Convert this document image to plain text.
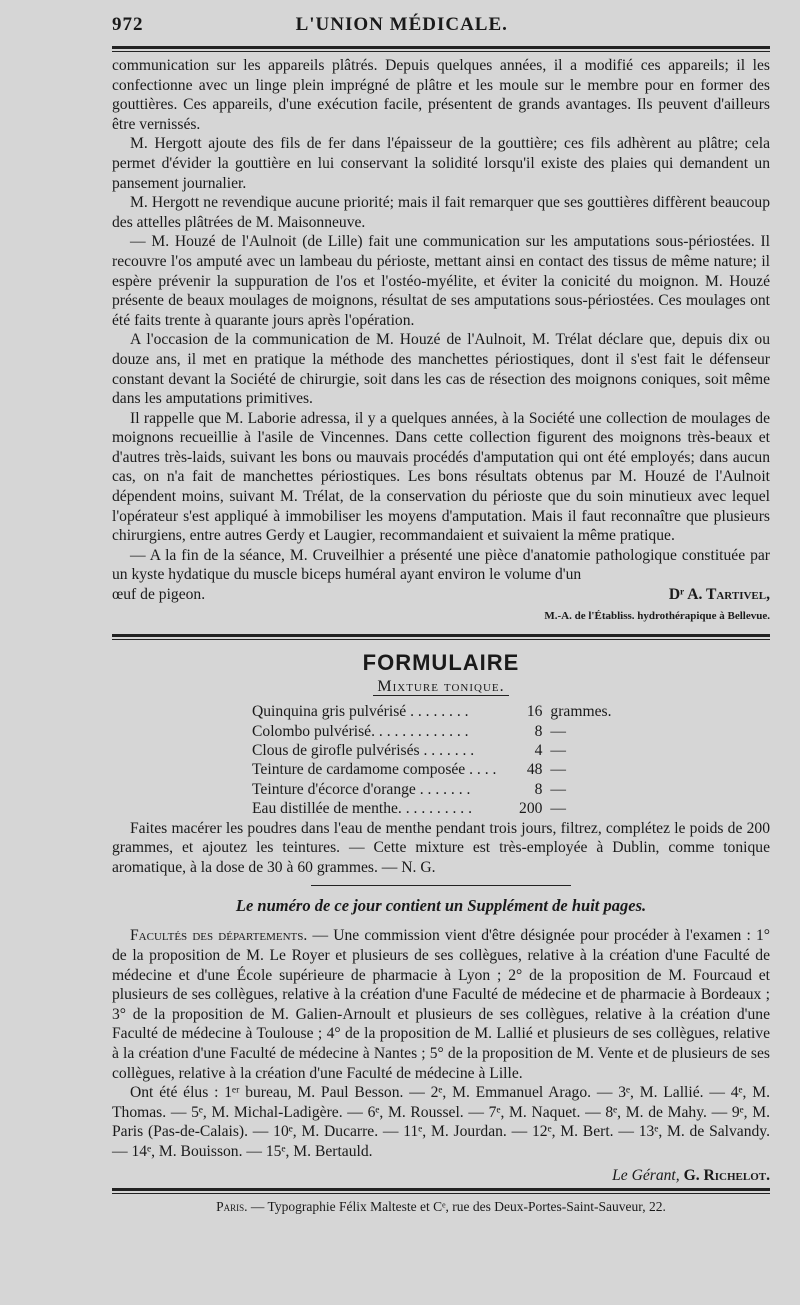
972	L'UNION MÉDICALE.

communication sur les appareils plâtrés. Depuis quelques années, il a modifié ces appareils; il les confectionne avec un linge plein imprégné de plâtre et les moule sur le membre pour en former des gouttières. Ces appareils, d'une exécution facile, présentent de grands avantages. Ils peuvent d'ailleurs être vernissés.

M. Hergott ajoute des fils de fer dans l'épaisseur de la gouttière; ces fils adhèrent au plâtre; cela permet d'évider la gouttière en lui conservant la solidité lorsqu'il existe des plaies qui demandent un pansement journalier.

M. Hergott ne revendique aucune priorité; mais il fait remarquer que ses gouttières diffèrent beaucoup des attelles plâtrées de M. Maisonneuve.

— M. Houzé de l'Aulnoit (de Lille) fait une communication sur les amputations sous-périostées. Il recouvre l'os amputé avec un lambeau du périoste, mettant ainsi en contact des tissus de même nature; il espère prévenir la suppuration de l'os et l'ostéo-myélite, et éviter la conicité du moignon. M. Houzé présente de beaux moulages de moignons, résultat de ses amputations sous-périostées. Ces moulages ont été faits trente à quarante jours après l'opération.

A l'occasion de la communication de M. Houzé de l'Aulnoit, M. Trélat déclare que, depuis dix ou douze ans, il met en pratique la méthode des manchettes périostiques, dont il s'est fait le défenseur constant devant la Société de chirurgie, soit dans les cas de résection des moignons coniques, soit même dans les amputations primitives.

Il rappelle que M. Laborie adressa, il y a quelques années, à la Société une collection de moulages de moignons recueillie à l'asile de Vincennes. Dans cette collection figurent des moignons très-beaux et d'autres très-laids, suivant les bons ou mauvais procédés d'amputation qui ont été employés; dans aucun cas, on n'a fait de manchettes périostiques. Les bons résultats obtenus par M. Houzé de l'Aulnoit dépendent moins, suivant M. Trélat, de la conservation du périoste que du soin minutieux avec lequel l'opérateur s'est appliqué à immobiliser les moyens d'amputation. Mais il faut reconnaître que plusieurs chirurgiens, entre autres Gerdy et Laugier, recommandaient et suivaient la même pratique.

— A la fin de la séance, M. Cruveilhier a présenté une pièce d'anatomie pathologique constituée par un kyste hydatique du muscle biceps huméral ayant environ le volume d'un

œuf de pigeon.	Dʳ A. Tartivel,
M.-A. de l'Établiss. hydrothérapique à Bellevue.
FORMULAIRE
Mixture tonique.
Quinquina gris pulvérisé . . . . . . . .	16	grammes.
Colombo pulvérisé. . . . . . . . . . . . .	8	—
Clous de girofle pulvérisés . . . . . . .	4	—
Teinture de cardamome composée . . . .	48	—
Teinture d'écorce d'orange . . . . . . .	8	—
Eau distillée de menthe. . . . . . . . . .	200	—

Faites macérer les poudres dans l'eau de menthe pendant trois jours, filtrez, complétez le poids de 200 grammes, et ajoutez les teintures. — Cette mixture est très-employée à Dublin, comme tonique aromatique, à la dose de 30 à 60 grammes. — N. G.

Le numéro de ce jour contient un Supplément de huit pages.

Facultés des départements. — Une commission vient d'être désignée pour procéder à l'examen : 1° de la proposition de M. Le Royer et plusieurs de ses collègues, relative à la création d'une Faculté de médecine et d'une École supérieure de pharmacie à Lyon ; 2° de la proposition de M. Fourcaud et plusieurs de ses collègues, relative à la création d'une Faculté de médecine et de pharmacie à Bordeaux ; 3° de la proposition de M. Galien-Arnoult et plusieurs de ses collègues, relative à la création d'une Faculté de médecine à Toulouse ; 4° de la proposition de M. Lallié et plusieurs de ses collègues, relative à la création d'une Faculté de médecine à Nantes ; 5° de la proposition de M. Vente et de plusieurs de ses collègues, relative à la création d'une Faculté de médecine à Lille.

Ont été élus : 1ᵉʳ bureau, M. Paul Besson. — 2ᵉ, M. Emmanuel Arago. — 3ᵉ, M. Lallié. — 4ᵉ, M. Thomas. — 5ᵉ, M. Michal-Ladigère. — 6ᵉ, M. Roussel. — 7ᵉ, M. Naquet. — 8ᵉ, M. de Mahy. — 9ᵉ, M. Paris (Pas-de-Calais). — 10ᵉ, M. Ducarre. — 11ᵉ, M. Jourdan. — 12ᵉ, M. Bert. — 13ᵉ, M. de Salvandy. — 14ᵉ, M. Bouisson. — 15ᵉ, M. Bertauld.

Le Gérant, G. Richelot.
Paris. — Typographie Félix Malteste et Cᵉ, rue des Deux-Portes-Saint-Sauveur, 22.
